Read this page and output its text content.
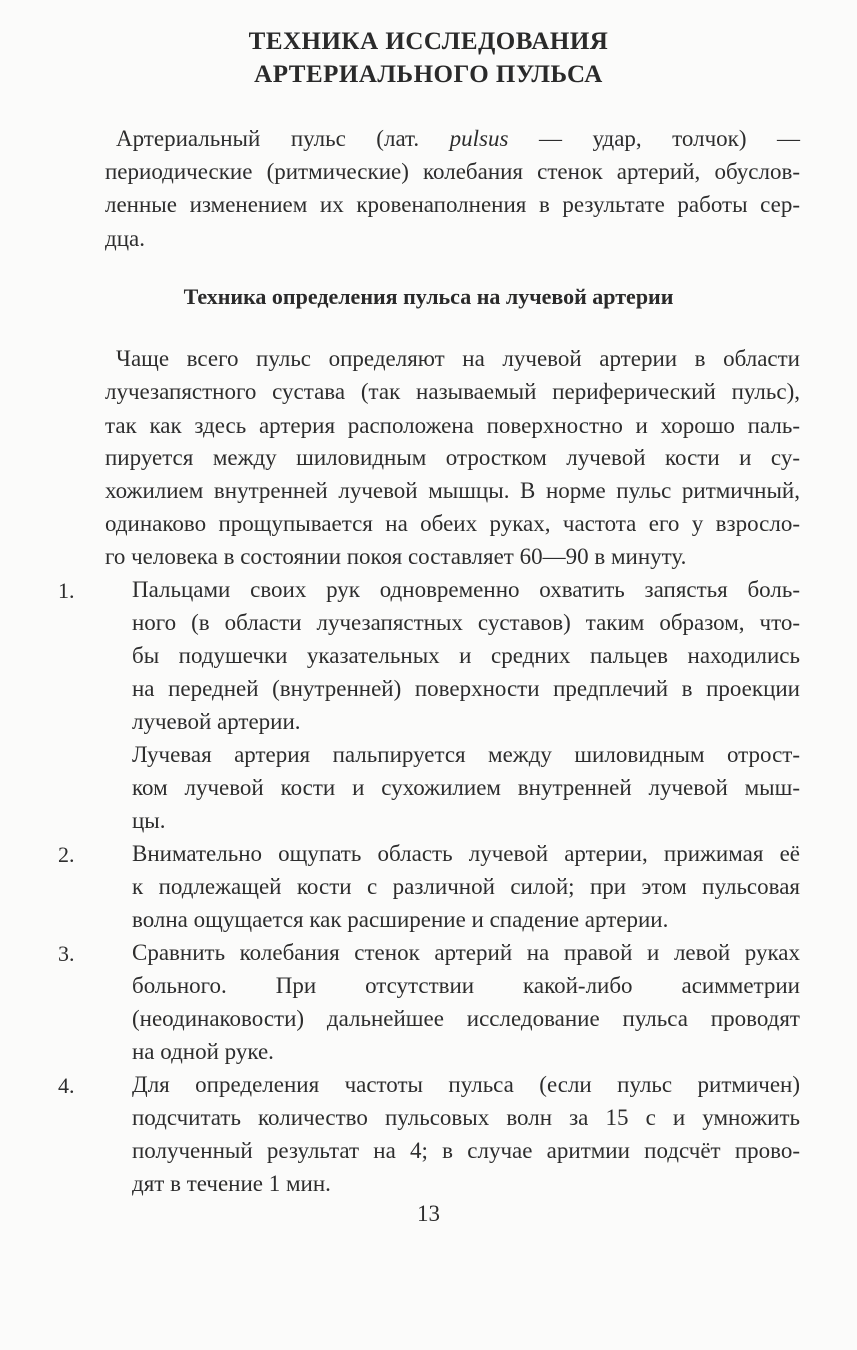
ТЕХНИКА ИССЛЕДОВАНИЯ
АРТЕРИАЛЬНОГО ПУЛЬСА
Артериальный пульс (лат. pulsus — удар, толчок) —
периодические (ритмические) колебания стенок артерий, обуслов-
ленные изменением их кровенаполнения в результате работы сер-
дца.
Техника определения пульса на лучевой артерии
Чаще всего пульс определяют на лучевой артерии в области
лучезапястного сустава (так называемый периферический пульс),
так как здесь артерия расположена поверхностно и хорошо паль-
пируется между шиловидным отростком лучевой кости и су-
хожилием внутренней лучевой мышцы. В норме пульс ритмичный,
одинаково прощупывается на обеих руках, частота его у взросло-
го человека в состоянии покоя составляет 60—90 в минуту.
1.	Пальцами своих рук одновременно охватить запястья боль-
ного (в области лучезапястных суставов) таким образом, что-
бы подушечки указательных и средних пальцев находились
на передней (внутренней) поверхности предплечий в проекции
лучевой артерии.
Лучевая артерия пальпируется между шиловидным отрост-
ком лучевой кости и сухожилием внутренней лучевой мыш-
цы.
2.	Внимательно ощупать область лучевой артерии, прижимая её
к подлежащей кости с различной силой; при этом пульсовая
волна ощущается как расширение и спадение артерии.
3.	Сравнить колебания стенок артерий на правой и левой руках
больного. При отсутствии какой-либо асимметрии
(неодинаковости) дальнейшее исследование пульса проводят
на одной руке.
4.	Для определения частоты пульса (если пульс ритмичен)
подсчитать количество пульсовых волн за 15 с и умножить
полученный результат на 4; в случае аритмии подсчёт прово-
дят в течение 1 мин.
13
